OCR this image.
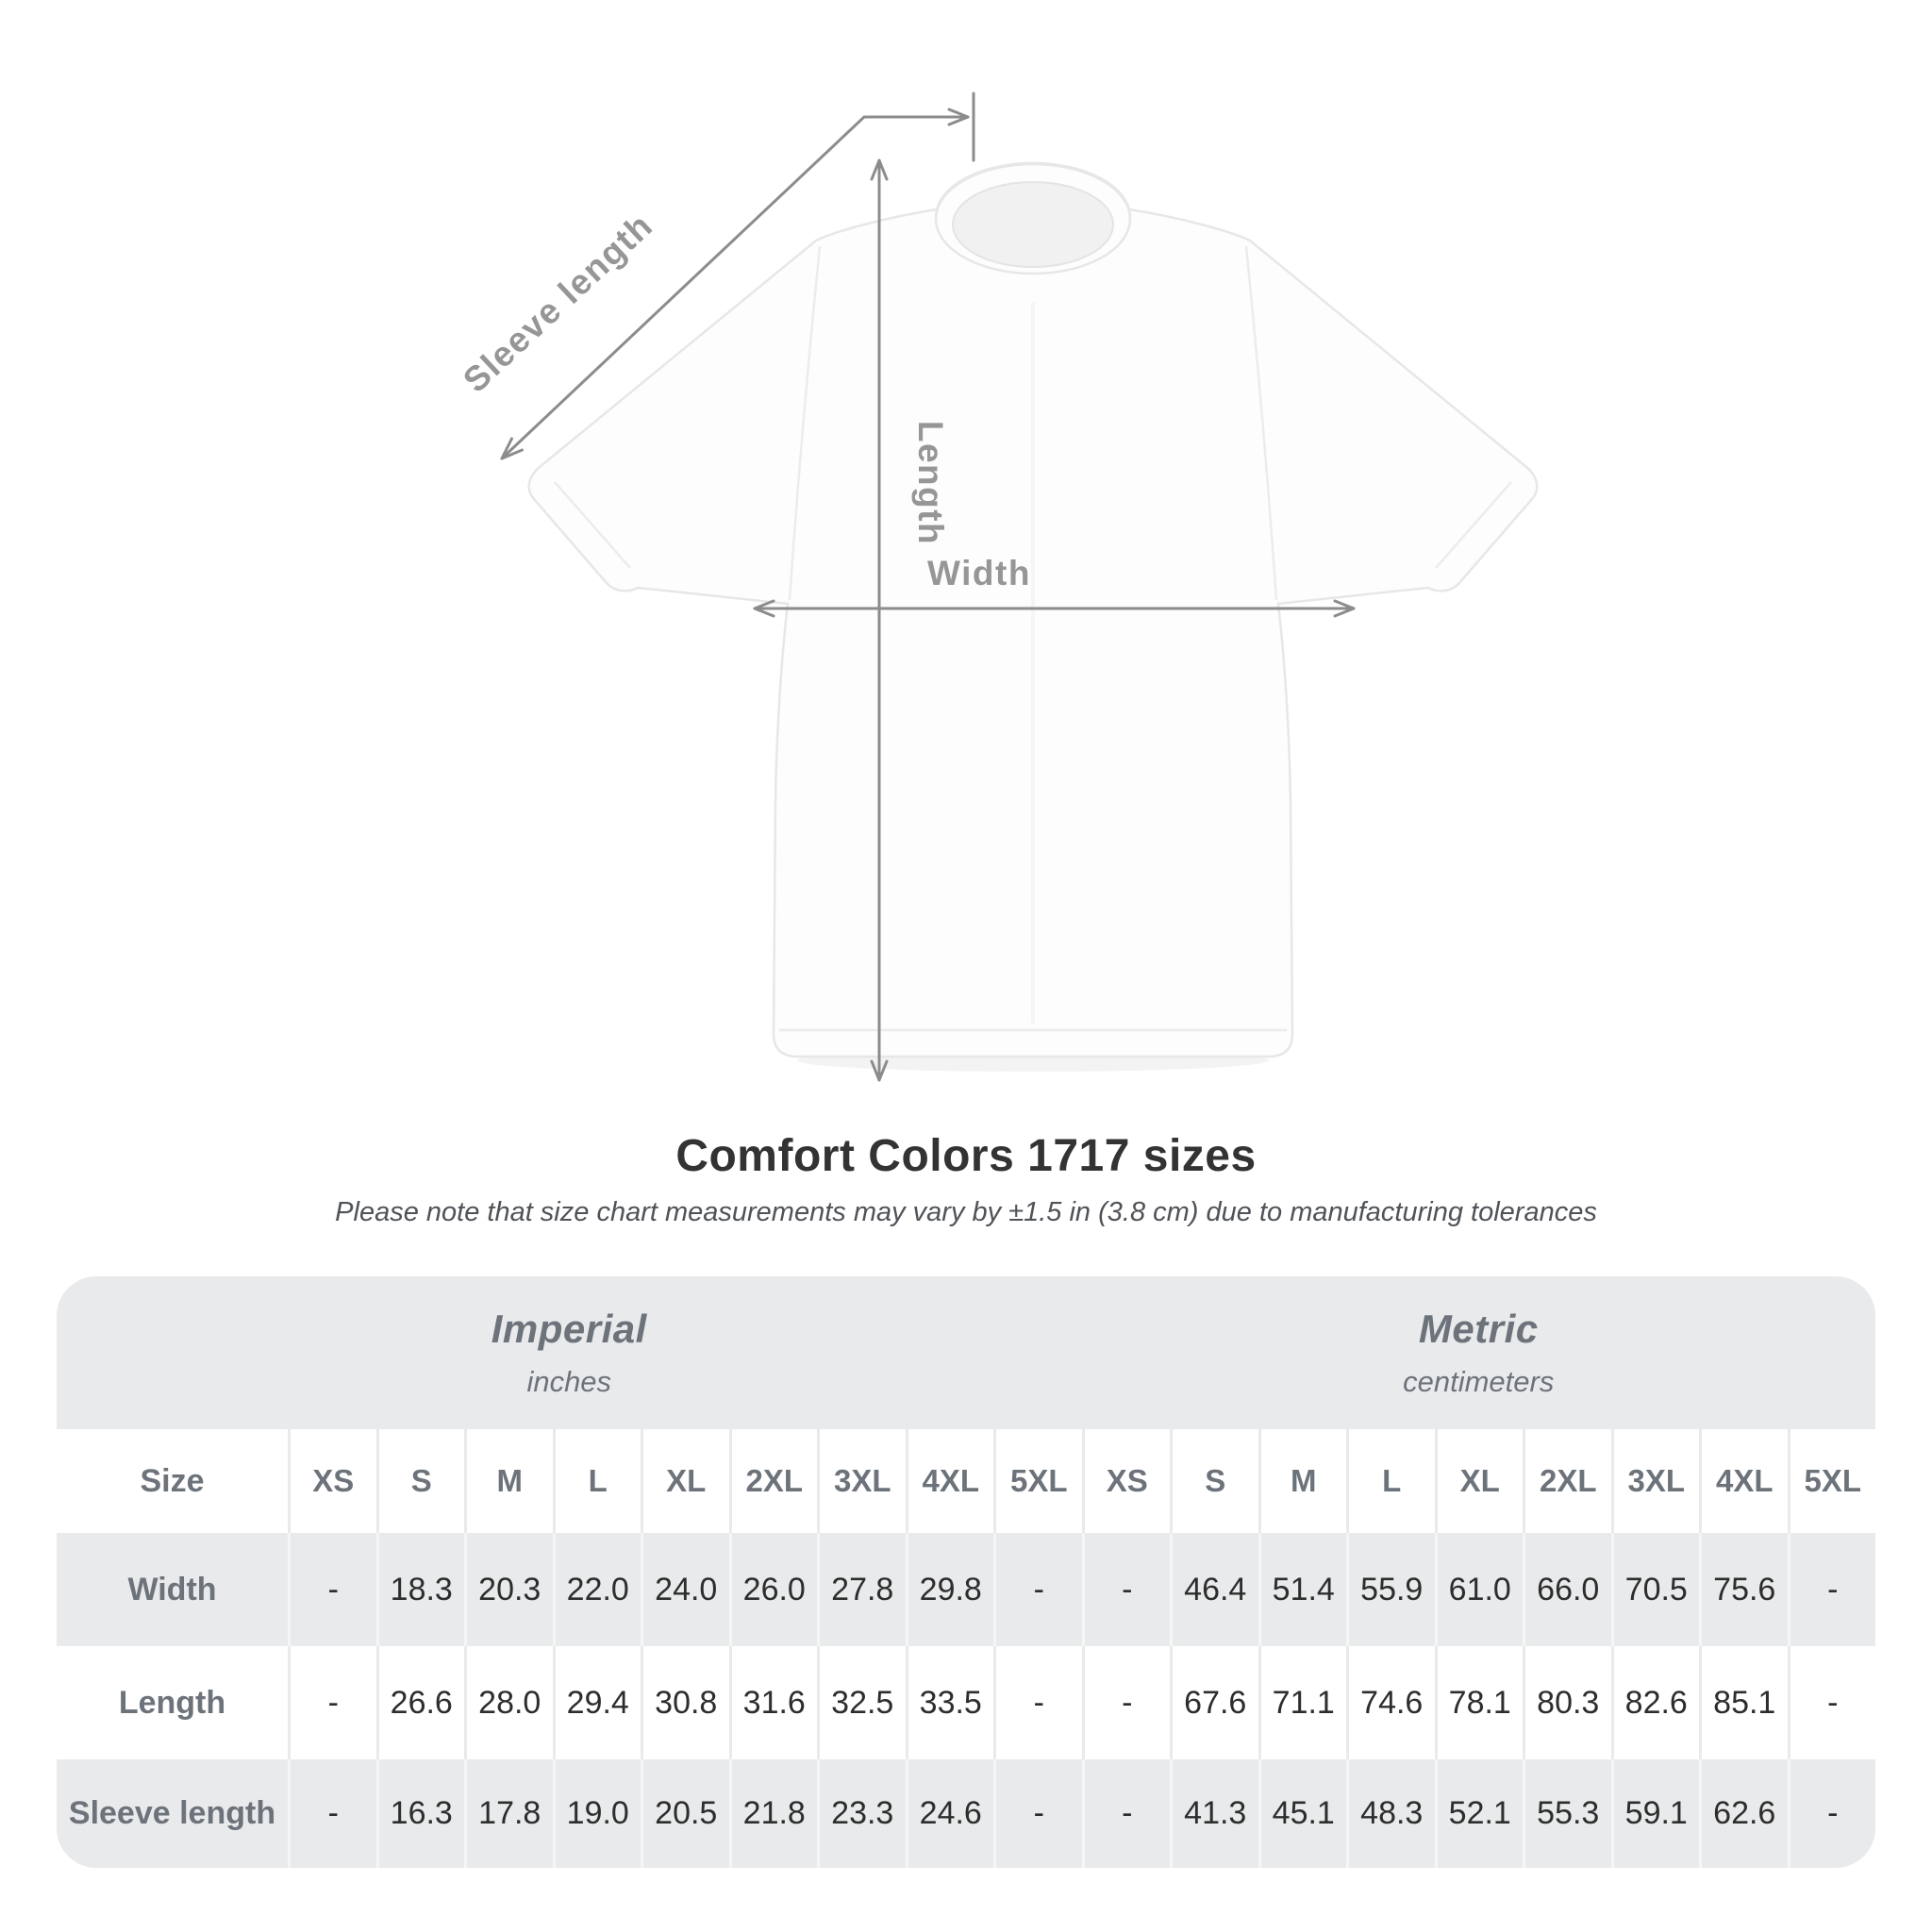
Sleeve length
Length
Width
Comfort Colors 1717 sizes
Please note that size chart measurements may vary by ±1.5 in (3.8 cm) due to manufacturing tolerances
Imperial
inches
Metric
centimeters
Size	XS	S	M	L	XL	2XL 3XL 4XL 5XL	XS	S	M	L	XL	2XL 3XL 4XL 5XL
Width	-	18.3 20.3 22.0 24.0 26.0 27.8 29.8	-	-	46.4 51.4 55.9 61.0 66.0 70.5 75.6	-
Length	-	26.6 28.0 29.4 30.8 31.6 32.5 33.5	-	-	67.6 71.1 74.6 78.1 80.3 82.6 85.1	-
Sleeve length	-	16.3 17.8 19.0 20.5 21.8 23.3 24.6	-	-	41.3 45.1 48.3 52.1 55.3 59.1 62.6	-
